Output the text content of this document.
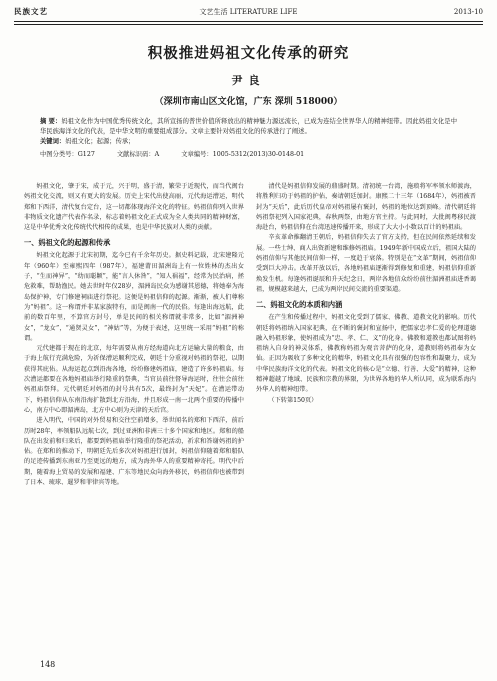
民族文艺	文艺生活 LITERATURE LIFE	2013-10
积极推进妈祖文化传承的研究
尹良
（深圳市南山区文化馆，广东 深圳 518000）
摘 要：妈祖文化作为中国优秀传统文化，其所宣扬的普世价值所释放出的精神魅力源远流长，已成为连结全世界华人的精神纽带。因此妈祖文化是中华民族海洋文化的代表，是中华文明的重要组成部分。文章主要针对妈祖文化的传承进行了阐述。
关键词：妈祖文化；起源；传承；
中图分类号：G127	文献标识码：A	文章编号：1005-5312(2013)30-0148-01

妈祖文化，肇于宋，成于元，兴于明，盛于清，繁荣于近现代，而当代闽台妈祖文化交流，则又有更大的发展。历史上宋代出使高丽，元代海运漕运，明代郑和下西洋，清代复台定台，这一切都体现海洋文化的特征。妈祖信仰列入世界非物质文化遗产代表作名录，标志着妈祖文化正式成为全人类共同的精神财富，这是中华优秀文化传统代代相传的成果，也是中华民族对人类的贡献。

一、妈祖文化的起源和传承

妈祖文化起源于北宋初期，迄今已有千余年历史。据史料记载，北宋建隆元年（960年）至雍熙四年（987年），福建莆田湄洲岛上有一位姓林的杰出女子，“生而神异”，“幼而聪颖”，能“言人休咎”，“知人祸福”，经常为民治病，拯危救难，帮助渔民。她去世时年仅28岁，湄洲岛民众为感谢其恩德，将她奉为海岛保护神，专门修建祠庙进行祭祀。这便是妈祖信仰的起源。渐渐，被人们尊称为“妈祖”。这一称谓并非某家族特有，而是闽南一代的民俗。每逢出海远航，此前的数百年里，不算官方封号，单是民间的相关称谓就非常多，比如“湄洲神女”，“龙女”，“通贤灵女”，“神姑”等，为便于表述，这里统一采用“妈祖”的称谓。

元代建都于现在的北京，每年需要从南方经海道向北方运输大量的粮食，由于海上航行充满危险，为祈保漕运顺利完成，朝廷十分重视对妈祖的祭祀，以期获得其庇佑。从海运起点到沿海各地，纷纷修建妈祖庙，建造了许多妈祖庙。每次漕运都要在各地妈祖庙举行隆重的祭典，当官员前往督导海运时，往往会前往妈祖庙祭拜。元代朝廷对妈祖的封号共有5次，最终封为“天妃”。在漕运带动下，妈祖信仰从东南沿海扩散到北方沿海，并且形成一南一北两个重要的传播中心，南方中心即湄洲岛，北方中心则为天津的天后宫。

进入明代，中国的对外贸易和交往空前增多，举世闻名的郑和下西洋，前后历时28年，率领船队远航七次，到过亚洲和非洲三十多个国家和地区。郑和的船队在出发前和归来后，都要到妈祖庙举行隆重的祭祀活动，祈求和答谢妈祖的护佑。在郑和的推动下，明朝廷先后多次对妈祖进行加封，妈祖信仰随着郑和船队的足迹传播到东南亚乃至更远的地方，成为海外华人的重要精神寄托。明代中后期，随着海上贸易的发展和福建、广东等地民众向海外移民，妈祖信仰也被带到了日本、琉球、暹罗和菲律宾等地。

清代是妈祖信仰发展的鼎盛时期。清初统一台湾，施琅将军率领水师渡海，将胜利归功于妈祖的护佑，奏请朝廷加封。康熙二十三年（1684年），妈祖被晋封为“天后”，此后历代皇帝对妈祖屡有褒封，妈祖的地位达到顶峰。清代朝廷将妈祖祭祀列入国家祀典，春秋两祭，由地方官主持。与此同时，大批闽粤移民渡海赴台，妈祖信仰在台湾迅速传播开来，形成了大大小小数以百计的妈祖庙。

辛亥革命推翻清王朝后，妈祖信仰失去了官方支持，但在民间依然延续和发展。一些士绅、商人出资新建和维修妈祖庙。1949年新中国成立后，祖国大陆的妈祖信仰与其他民间信仰一样，一度趋于衰落。特别是在“文革”期间，妈祖信仰受到巨大冲击。改革开放以后，各地妈祖庙逐渐得到修复和重建，妈祖信仰重新焕发生机。每逢妈祖诞辰和升天纪念日，两岸各地信众纷纷前往湄洲祖庙进香谒祖，规模越来越大，已成为两岸民间交流的重要渠道。

二、妈祖文化的本质和内涵

在产生和传播过程中，妈祖文化受到了儒家、佛教、道教文化的影响。历代朝廷将妈祖纳入国家祀典，在不断的褒封和宣扬中，把儒家忠孝仁爱的伦理道德融入妈祖形象，使妈祖成为“忠、孝、仁、义”的化身。佛教和道教也都试图将妈祖纳入自身的神灵体系，佛教称妈祖为观音菩萨的化身，道教则将妈祖奉为女仙。正因为吸收了多种文化的精华，妈祖文化具有很强的包容性和凝聚力，成为中华民族海洋文化的代表。妈祖文化的核心是“立德、行善、大爱”的精神，这种精神超越了地域、民族和宗教的界限，为世界各地的华人所认同，成为联系海内外华人的精神纽带。

（下转第150页）

148
